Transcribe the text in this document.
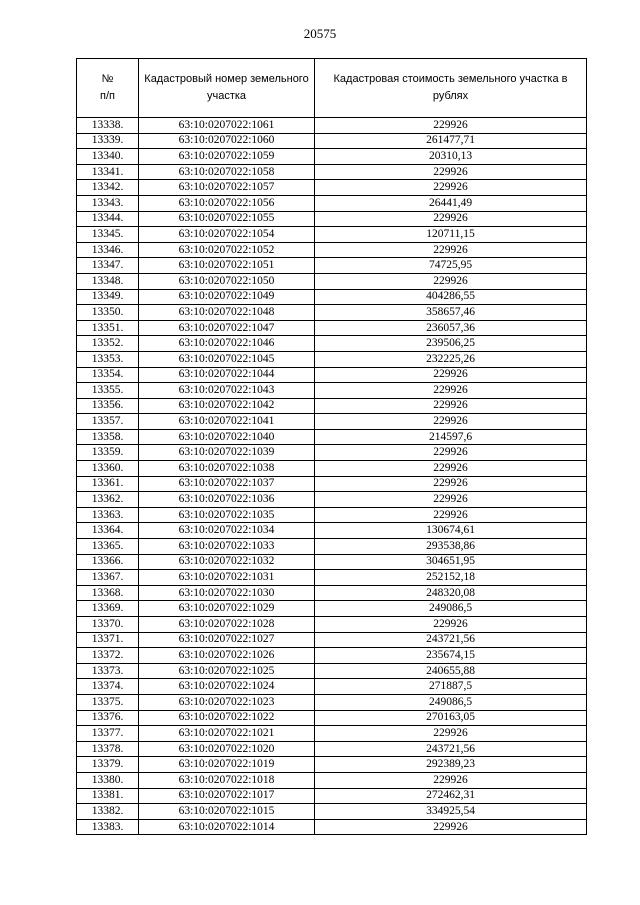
20575
№
п/п	Кадастровый номер земельного участка	Кадастровая стоимость земельного участка в рублях
13338.	63:10:0207022:1061	229926
13339.	63:10:0207022:1060	261477,71
13340.	63:10:0207022:1059	20310,13
13341.	63:10:0207022:1058	229926
13342.	63:10:0207022:1057	229926
13343.	63:10:0207022:1056	26441,49
13344.	63:10:0207022:1055	229926
13345.	63:10:0207022:1054	120711,15
13346.	63:10:0207022:1052	229926
13347.	63:10:0207022:1051	74725,95
13348.	63:10:0207022:1050	229926
13349.	63:10:0207022:1049	404286,55
13350.	63:10:0207022:1048	358657,46
13351.	63:10:0207022:1047	236057,36
13352.	63:10:0207022:1046	239506,25
13353.	63:10:0207022:1045	232225,26
13354.	63:10:0207022:1044	229926
13355.	63:10:0207022:1043	229926
13356.	63:10:0207022:1042	229926
13357.	63:10:0207022:1041	229926
13358.	63:10:0207022:1040	214597,6
13359.	63:10:0207022:1039	229926
13360.	63:10:0207022:1038	229926
13361.	63:10:0207022:1037	229926
13362.	63:10:0207022:1036	229926
13363.	63:10:0207022:1035	229926
13364.	63:10:0207022:1034	130674,61
13365.	63:10:0207022:1033	293538,86
13366.	63:10:0207022:1032	304651,95
13367.	63:10:0207022:1031	252152,18
13368.	63:10:0207022:1030	248320,08
13369.	63:10:0207022:1029	249086,5
13370.	63:10:0207022:1028	229926
13371.	63:10:0207022:1027	243721,56
13372.	63:10:0207022:1026	235674,15
13373.	63:10:0207022:1025	240655,88
13374.	63:10:0207022:1024	271887,5
13375.	63:10:0207022:1023	249086,5
13376.	63:10:0207022:1022	270163,05
13377.	63:10:0207022:1021	229926
13378.	63:10:0207022:1020	243721,56
13379.	63:10:0207022:1019	292389,23
13380.	63:10:0207022:1018	229926
13381.	63:10:0207022:1017	272462,31
13382.	63:10:0207022:1015	334925,54
13383.	63:10:0207022:1014	229926
